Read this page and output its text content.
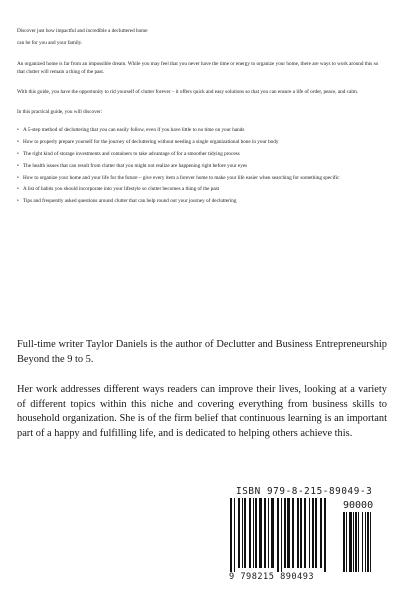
Discover just how impactful and incredible a decluttered home

can be for you and your family.

An organized home is far from an impossible dream. While you may feel that you never have the time or energy to organize your home, there are ways to work around this so that clutter will remain a thing of the past.

With this guide, you have the opportunity to rid yourself of clutter forever – it offers quick and easy solutions so that you can ensure a life of order, peace, and calm.

In this practical guide, you will discover:

• A 5-step method of decluttering that you can easily follow, even if you have little to no time on your hands
• How to properly prepare yourself for the journey of decluttering without needing a single organizational bone in your body
• The right kind of storage investments and containers to take advantage of for a smoother tidying process
• The health issues that can result from clutter that you might not realize are happening right before your eyes
• How to organize your home and your life for the future – give every item a forever home to make your life easier when searching for something specific
• A list of habits you should incorporate into your lifestyle so clutter becomes a thing of the past
• Tips and frequently asked questions around clutter that can help round out your journey of decluttering

Full-time writer Taylor Daniels is the author of Declutter and Business Entrepreneurship Beyond the 9 to 5.

Her work addresses different ways readers can improve their lives, looking at a variety of different topics within this niche and covering everything from business skills to household organization. She is of the firm belief that continuous learning is an important part of a happy and fulfilling life, and is dedicated to helping others achieve this.

ISBN 979-8-215-89049-3
90000
9 798215 890493
